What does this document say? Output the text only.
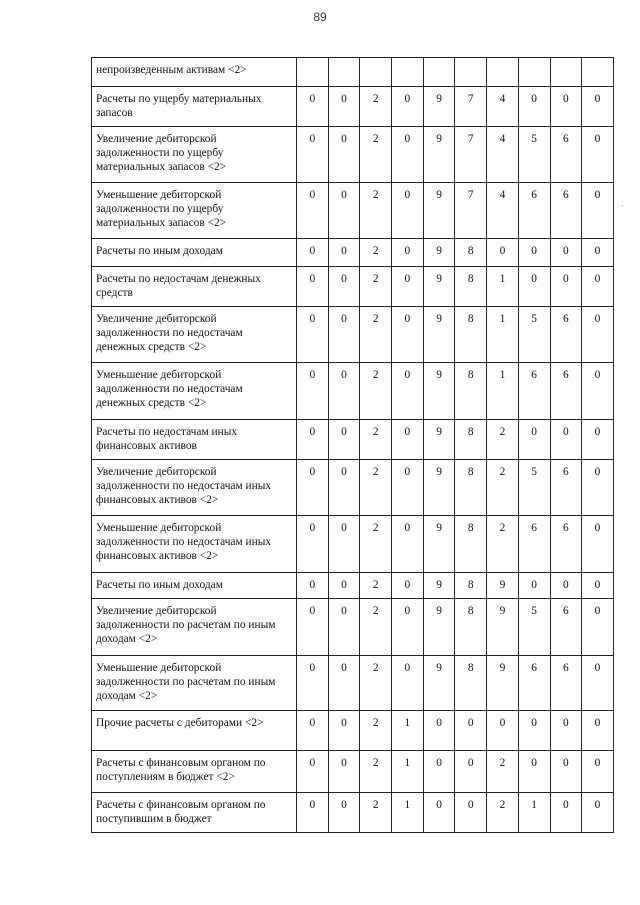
89
непроизведенным активам <2>										
Расчеты по ущербу материальных запасов	0	0	2	0	9	7	4	0	0	0
Увеличение дебиторской задолженности по ущербу материальных запасов <2>	0	0	2	0	9	7	4	5	6	0
Уменьшение дебиторской задолженности по ущербу материальных запасов <2>	0	0	2	0	9	7	4	6	6	0
Расчеты по иным доходам	0	0	2	0	9	8	0	0	0	0
Расчеты по недостачам денежных средств	0	0	2	0	9	8	1	0	0	0
Увеличение дебиторской задолженности по недостачам денежных средств <2>	0	0	2	0	9	8	1	5	6	0
Уменьшение дебиторской задолженности по недостачам денежных средств <2>	0	0	2	0	9	8	1	6	6	0
Расчеты по недостачам иных финансовых активов	0	0	2	0	9	8	2	0	0	0
Увеличение дебиторской задолженности по недостачам иных финансовых активов <2>	0	0	2	0	9	8	2	5	6	0
Уменьшение дебиторской задолженности по недостачам иных финансовых активов <2>	0	0	2	0	9	8	2	6	6	0
Расчеты по иным доходам	0	0	2	0	9	8	9	0	0	0
Увеличение дебиторской задолженности по расчетам по иным доходам <2>	0	0	2	0	9	8	9	5	6	0
Уменьшение дебиторской задолженности по расчетам по иным доходам <2>	0	0	2	0	9	8	9	6	6	0
Прочие расчеты с дебиторами <2>	0	0	2	1	0	0	0	0	0	0
Расчеты с финансовым органом по поступлениям в бюджет <2>	0	0	2	1	0	0	2	0	0	0
Расчеты с финансовым органом по поступившим в бюджет	0	0	2	1	0	0	2	1	0	0
